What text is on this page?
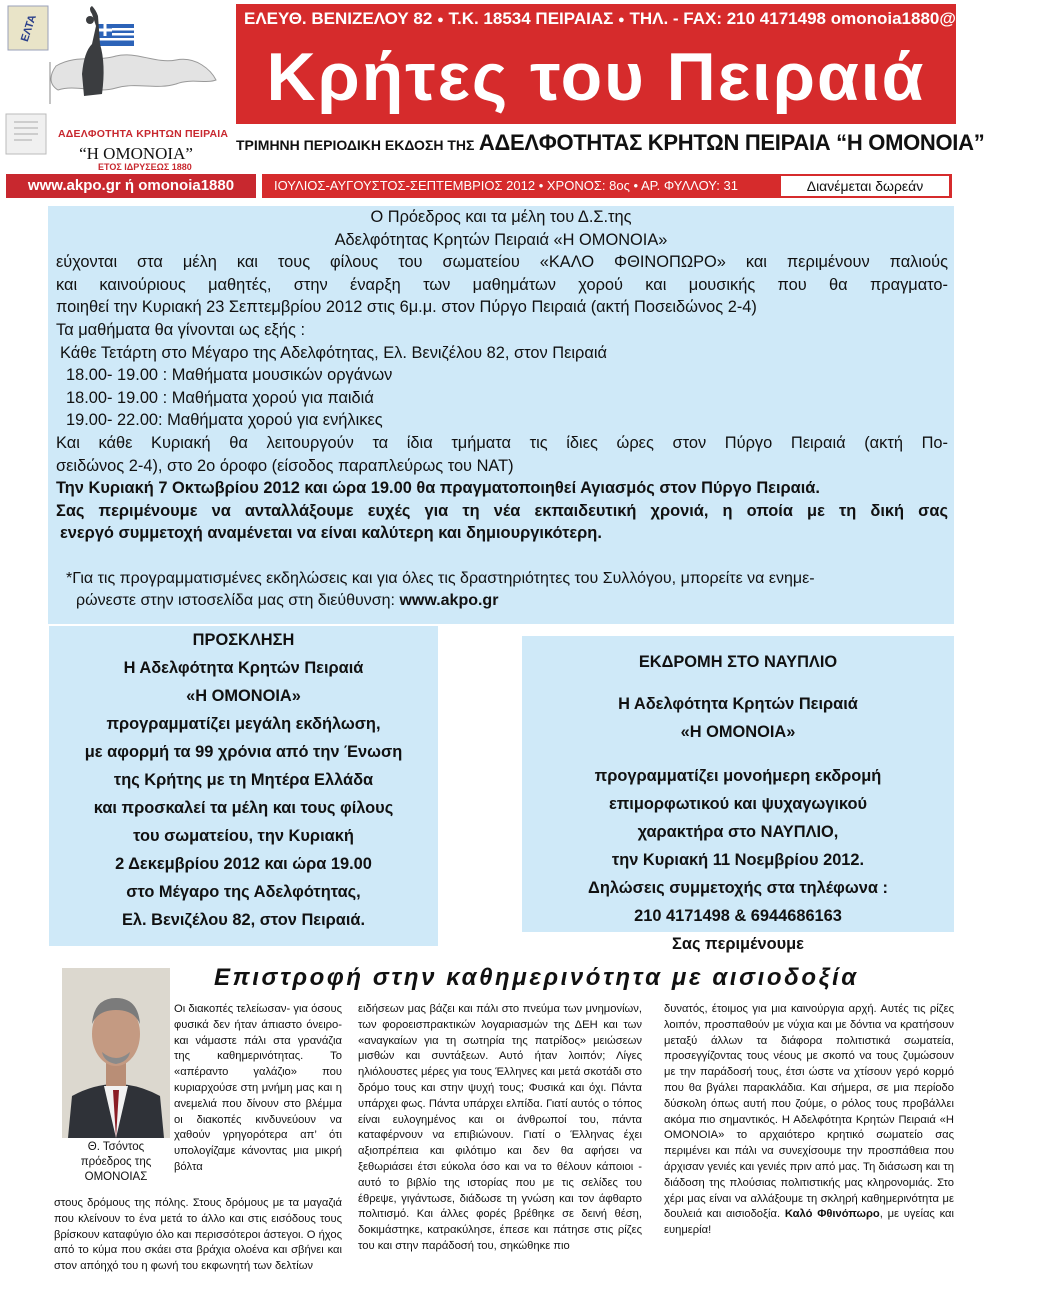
ΕΛΤΑ
ΑΔΕΛΦΟΤΗΤΑ ΚΡΗΤΩΝ ΠΕΙΡΑΙΑ
“Η ΟΜΟΝΟΙΑ”
ΕΤΟΣ ΙΔΡΥΣΕΩΣ 1880
ΕΛΕΥΘ. ΒΕΝΙΖΕΛΟΥ 82 ● Τ.Κ. 18534 ΠΕΙΡΑΙΑΣ ● ΤΗΛ. - FAX: 210 4171498 omonoia1880@gmail.com
Κρήτες του Πειραιά
ΤΡΙΜΗΝΗ ΠΕΡΙΟΔΙΚΗ ΕΚΔΟΣΗ ΤΗΣ ΑΔΕΛΦΟΤΗΤΑΣ ΚΡΗΤΩΝ ΠΕΙΡΑΙΑ “Η ΟΜΟΝΟΙΑ”
www.akpo.gr ή omonoia1880	ΙΟΥΛΙΟΣ-ΑΥΓΟΥΣΤΟΣ-ΣΕΠΤΕΜΒΡΙΟΣ 2012 • ΧΡΟΝΟΣ: 8ος • ΑΡ. ΦΥΛΛΟΥ: 31	Διανέμεται δωρεάν
Ο Πρόεδρος και τα μέλη του Δ.Σ.της
Αδελφότητας Κρητών Πειραιά «Η ΟΜΟΝΟΙΑ»
εύχονται στα μέλη και τους φίλους του σωματείου «ΚΑΛΟ ΦΘΙΝΟΠΩΡΟ» και περιμένουν παλιούς
και καινούριους μαθητές, στην έναρξη των μαθημάτων χορού και μουσικής που θα πραγματο-
ποιηθεί την Κυριακή 23 Σεπτεμβρίου 2012 στις 6μ.μ. στον Πύργο Πειραιά (ακτή Ποσειδώνος 2-4)
Τα μαθήματα θα γίνονται ως εξής :
Κάθε Τετάρτη στο Μέγαρο της Αδελφότητας, Ελ. Βενιζέλου 82, στον Πειραιά
18.00- 19.00 : Μαθήματα μουσικών οργάνων
18.00- 19.00 : Μαθήματα χορού για παιδιά
19.00- 22.00: Μαθήματα χορού για ενήλικες
Και κάθε Κυριακή θα λειτουργούν τα ίδια τμήματα τις ίδιες ώρες στον Πύργο Πειραιά (ακτή Πο-
σειδώνος 2-4), στο 2ο όροφο (είσοδος παραπλεύρως του ΝΑΤ)
Την Κυριακή 7 Οκτωβρίου 2012 και ώρα 19.00 θα πραγματοποιηθεί Αγιασμός στον Πύργο Πειραιά.
Σας περιμένουμε να ανταλλάξουμε ευχές για τη νέα εκπαιδευτική χρονιά, η οποία με τη δική σας
ενεργό συμμετοχή αναμένεται να είναι καλύτερη και δημιουργικότερη.
*Για τις προγραμματισμένες εκδηλώσεις και για όλες τις δραστηριότητες του Συλλόγου, μπορείτε να ενημε-
ρώνεστε στην ιστοσελίδα μας στη διεύθυνση: www.akpo.gr
ΠΡΟΣΚΛΗΣΗ
Η Αδελφότητα Κρητών Πειραιά
«Η ΟΜΟΝΟΙΑ»
προγραμματίζει μεγάλη εκδήλωση,
με αφορμή τα 99 χρόνια από την Ένωση
της Κρήτης με τη Μητέρα Ελλάδα
και προσκαλεί τα μέλη και τους φίλους
του σωματείου, την Κυριακή
2 Δεκεμβρίου 2012 και ώρα 19.00
στο Μέγαρο της Αδελφότητας,
Ελ. Βενιζέλου 82, στον Πειραιά.
ΕΚΔΡΟΜΗ ΣΤΟ ΝΑΥΠΛΙΟ
Η Αδελφότητα Κρητών Πειραιά
«Η ΟΜΟΝΟΙΑ»
προγραμματίζει μονοήμερη εκδρομή
επιμορφωτικού και ψυχαγωγικού
χαρακτήρα στο ΝΑΥΠΛΙΟ,
την Κυριακή 11 Νοεμβρίου 2012.
Δηλώσεις συμμετοχής στα τηλέφωνα :
210 4171498 & 6944686163
Σας περιμένουμε
Επιστροφή στην καθημερινότητα με αισιοδοξία
Θ. Τσόντος
πρόεδρος της
ΟΜΟΝΟΙΑΣ

Οι διακοπές τελείωσαν- για όσους φυσικά δεν ήταν άπιαστο όνειρο- και νάμαστε πάλι στα γρανάζια της καθημερινότητας. Το «απέραντο γαλάζιο» που κυριαρχούσε στη μνήμη μας και η ανεμελιά που δίνουν στο βλέμμα οι διακοπές κινδυνεύουν να χαθούν γρηγορότερα απ’ ότι υπολογίζαμε κάνοντας μια μικρή βόλτα

στους δρόμους της πόλης. Στους δρόμους με τα μαγαζιά που κλείνουν το ένα μετά το άλλο και στις εισόδους τους βρίσκουν καταφύγιο όλο και περισσότεροι άστεγοι. Ο ήχος από το κύμα που σκάει στα βράχια ολοένα και σβήνει και στον απόηχό του η φωνή του εκφωνητή των δελτίων

ειδήσεων μας βάζει και πάλι στο πνεύμα των μνημονίων, των φοροεισπρακτικών λογαριασμών της ΔΕΗ και των «αναγκαίων για τη σωτηρία της πατρίδος» μειώσεων μισθών και συντάξεων. Αυτό ήταν λοιπόν; Λίγες ηλιόλουστες μέρες για τους Έλληνες και μετά σκοτάδι στο δρόμο τους και στην ψυχή τους; Φυσικά και όχι. Πάντα υπάρχει φως. Πάντα υπάρχει ελπίδα. Γιατί αυτός ο τόπος είναι ευλογημένος και οι άνθρωποί του, πάντα καταφέρνουν να επιβιώνουν. Γιατί ο Έλληνας έχει αξιοπρέπεια και φιλότιμο και δεν θα αφήσει να ξεθωριάσει έτσι εύκολα όσο και να το θέλουν κάποιοι - αυτό το βιβλίο της ιστορίας που με τις σελίδες του έθρεψε, γιγάντωσε, διάδωσε τη γνώση και τον άφθαρτο πολιτισμό. Και άλλες φορές βρέθηκε σε δεινή θέση, δοκιμάστηκε, κατρακύλησε, έπεσε και πάτησε στις ρίζες του και στην παράδοσή του, σηκώθηκε πιο

δυνατός, έτοιμος για μια καινούργια αρχή. Αυτές τις ρίζες λοιπόν, προσπαθούν με νύχια και με δόντια να κρατήσουν μεταξύ άλλων τα διάφορα πολιτιστικά σωματεία, προσεγγίζοντας τους νέους με σκοπό να τους ζυμώσουν με την παράδοσή τους, έτσι ώστε να χτίσουν γερό κορμό που θα βγάλει παρακλάδια. Και σήμερα, σε μια περίοδο δύσκολη όπως αυτή που ζούμε, ο ρόλος τους προβάλλει ακόμα πιο σημαντικός. Η Αδελφότητα Κρητών Πειραιά «Η ΟΜΟΝΟΙΑ» το αρχαιότερο κρητικό σωματείο σας περιμένει και πάλι να συνεχίσουμε την προσπάθεια που άρχισαν γενιές και γενιές πριν από μας. Τη διάσωση και τη διάδοση της πλούσιας πολιτιστικής μας κληρονομιάς. Στο χέρι μας είναι να αλλάξουμε τη σκληρή καθημερινότητα με δουλειά και αισιοδοξία. Καλό Φθινόπωρο, με υγείας και ευημερία!
